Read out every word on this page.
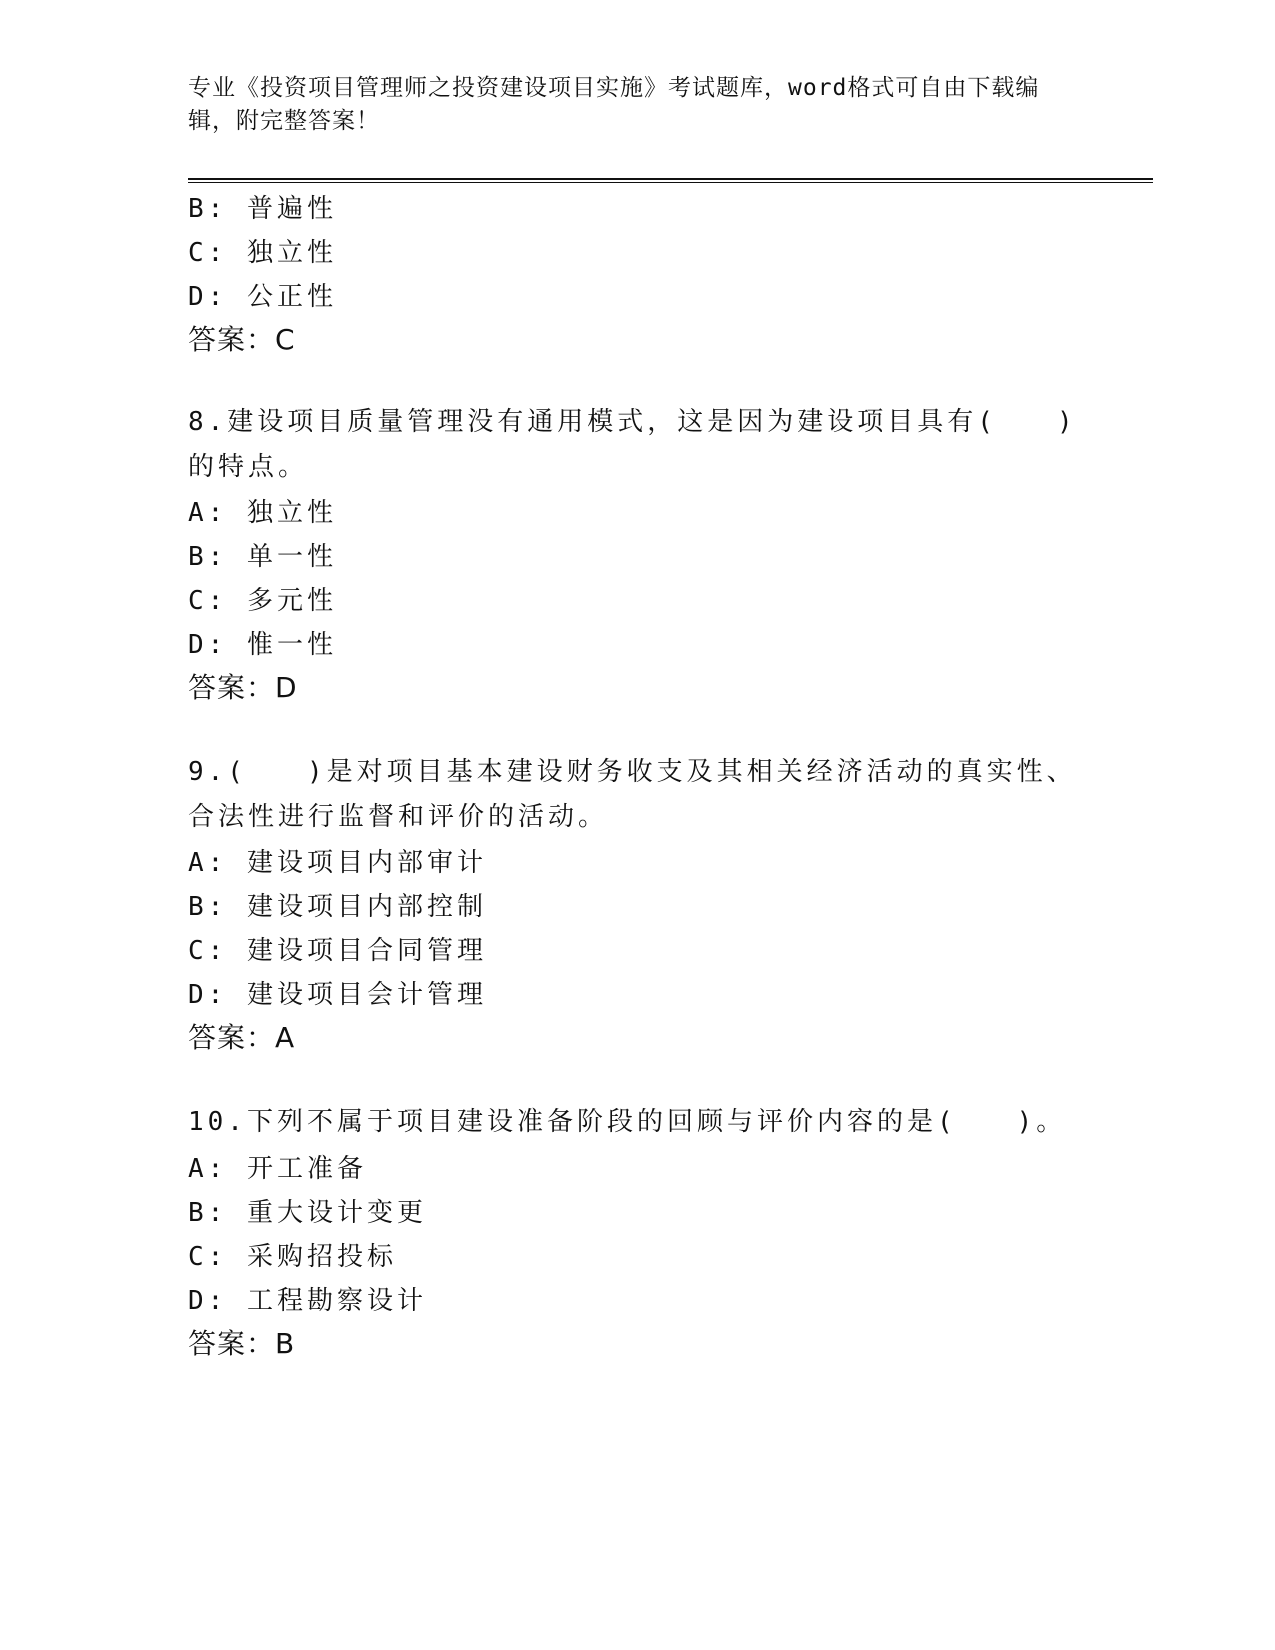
专业《投资项目管理师之投资建设项目实施》考试题库，word格式可自由下载编辑，附完整答案！
B: 普遍性
C: 独立性
D: 公正性
答案：C
8.建设项目质量管理没有通用模式，这是因为建设项目具有(　　)的特点。
A: 独立性
B: 单一性
C: 多元性
D: 惟一性
答案：D
9.(　　)是对项目基本建设财务收支及其相关经济活动的真实性、合法性进行监督和评价的活动。
A: 建设项目内部审计
B: 建设项目内部控制
C: 建设项目合同管理
D: 建设项目会计管理
答案：A
10.下列不属于项目建设准备阶段的回顾与评价内容的是(　　)。
A: 开工准备
B: 重大设计变更
C: 采购招投标
D: 工程勘察设计
答案：B
